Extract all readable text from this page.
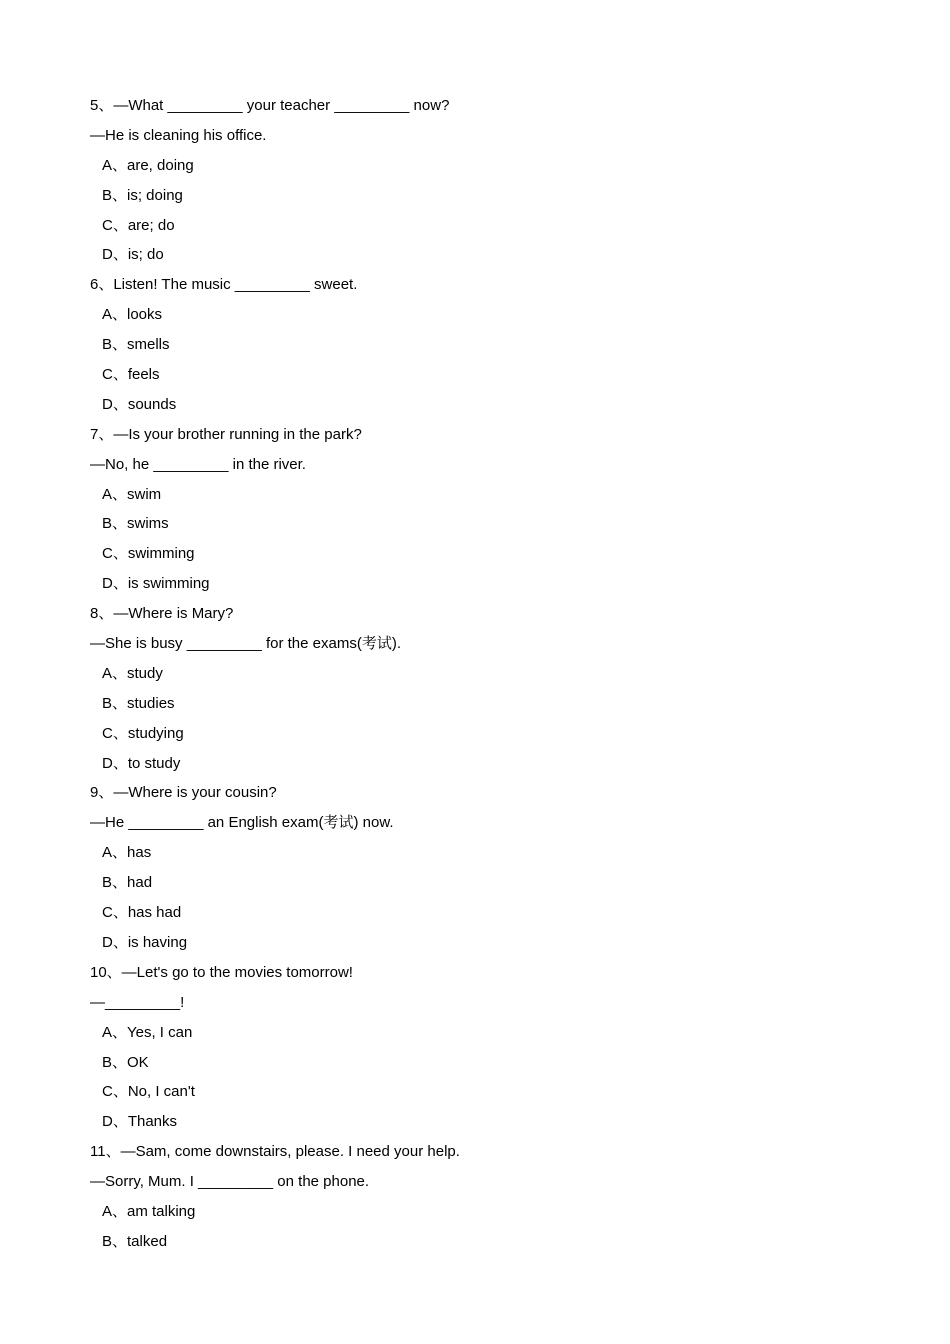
5、—What _________ your teacher _________ now?
—He is cleaning his office.
A、are, doing
B、is; doing
C、are; do
D、is; do
6、Listen! The music _________ sweet.
A、looks
B、smells
C、feels
D、sounds
7、—Is your brother running in the park?
—No, he _________ in the river.
A、swim
B、swims
C、swimming
D、is swimming
8、—Where is Mary?
—She is busy _________ for the exams(考试).
A、study
B、studies
C、studying
D、to study
9、—Where is your cousin?
—He _________ an English exam(考试) now.
A、has
B、had
C、has had
D、is having
10、—Let's go to the movies tomorrow!
—_________!
A、Yes, I can
B、OK
C、No, I can't
D、Thanks
11、—Sam, come downstairs, please. I need your help.
—Sorry, Mum. I _________ on the phone.
A、am talking
B、talked
